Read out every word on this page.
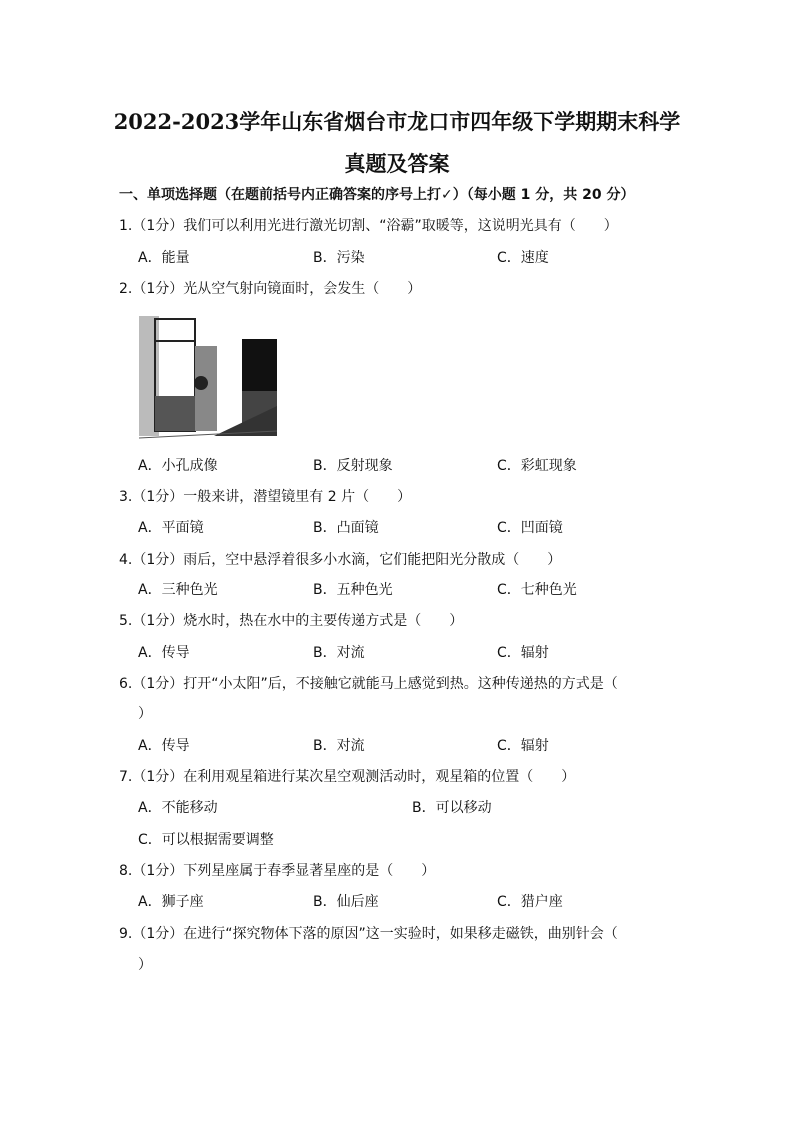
2022-2023学年山东省烟台市龙口市四年级下学期期末科学
真题及答案
一、单项选择题（在题前括号内正确答案的序号上打✓）（每小题 1 分，共 20 分）
1.（1分）我们可以利用光进行激光切割、“浴霸”取暖等，这说明光具有（　　）
A．能量	B．污染	C．速度
2.（1分）光从空气射向镜面时，会发生（　　）
A．小孔成像	B．反射现象	C．彩虹现象
3.（1分）一般来讲，潜望镜里有 2 片（　　）
A．平面镜	B．凸面镜	C．凹面镜
4.（1分）雨后，空中悬浮着很多小水滴，它们能把阳光分散成（　　）
A．三种色光	B．五种色光	C．七种色光
5.（1分）烧水时，热在水中的主要传递方式是（　　）
A．传导	B．对流	C．辐射
6.（1分）打开“小太阳”后，不接触它就能马上感觉到热。这种传递热的方式是（
）
A．传导	B．对流	C．辐射
7.（1分）在利用观星箱进行某次星空观测活动时，观星箱的位置（　　）
A．不能移动	B．可以移动
C．可以根据需要调整
8.（1分）下列星座属于春季显著星座的是（　　）
A．狮子座	B．仙后座	C．猎户座
9.（1分）在进行“探究物体下落的原因”这一实验时，如果移走磁铁，曲别针会（
）
